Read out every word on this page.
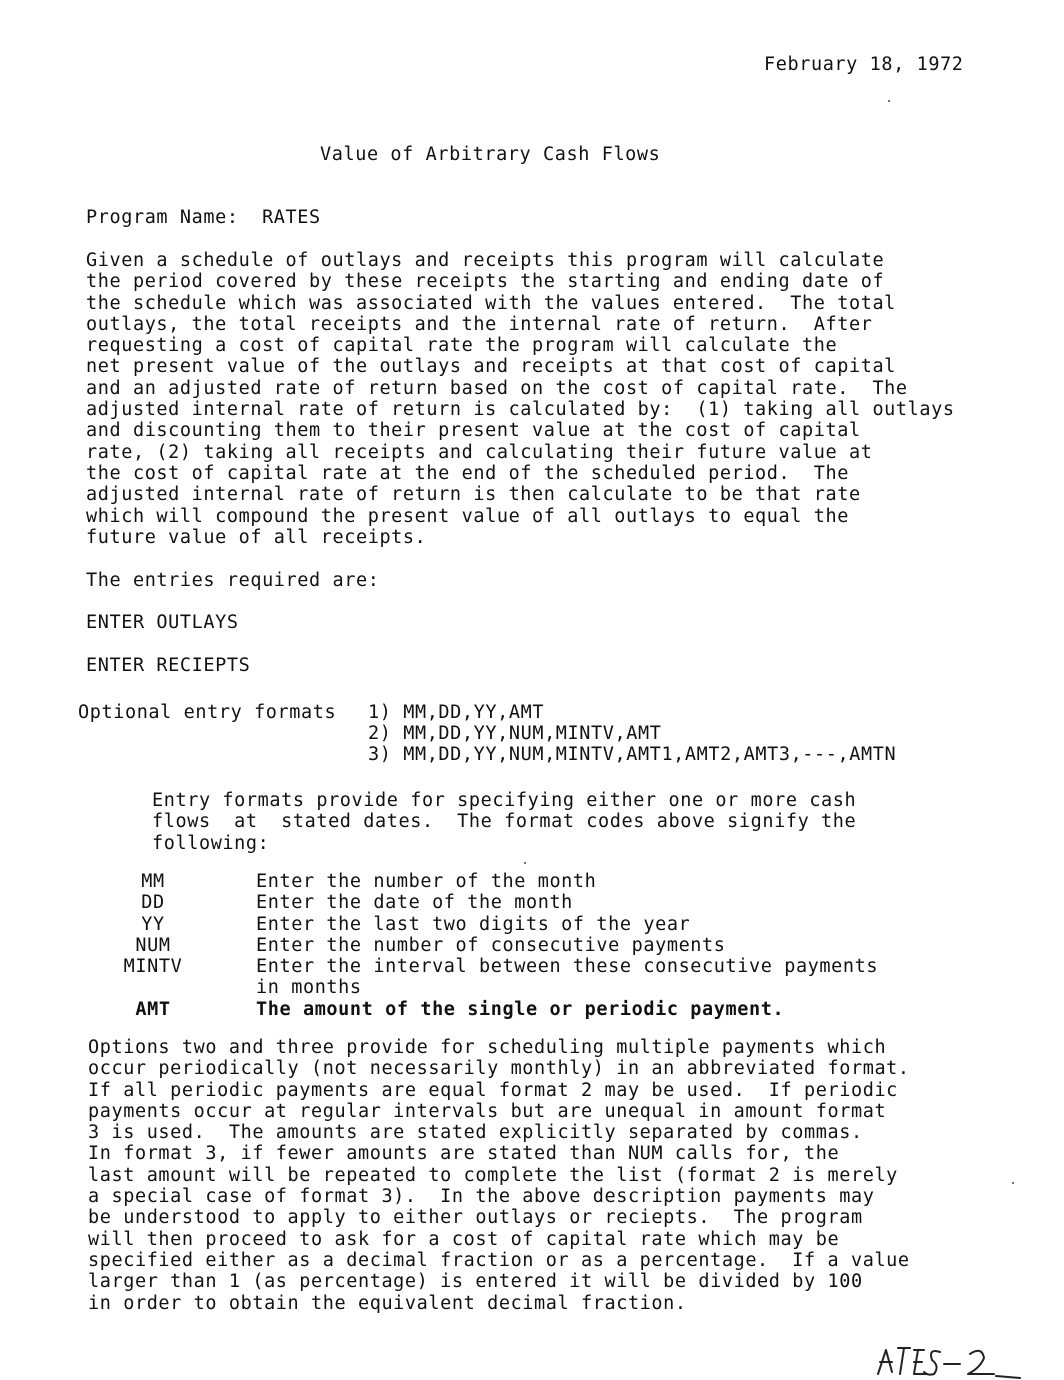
February 18, 1972
Value of Arbitrary Cash Flows
Program Name:  RATES
Given a schedule of outlays and receipts this program will calculate
the period covered by these receipts the starting and ending date of
the schedule which was associated with the values entered.  The total
outlays, the total receipts and the internal rate of return.  After
requesting a cost of capital rate the program will calculate the
net present value of the outlays and receipts at that cost of capital
and an adjusted rate of return based on the cost of capital rate.  The
adjusted internal rate of return is calculated by:  (1) taking all outlays
and discounting them to their present value at the cost of capital
rate, (2) taking all receipts and calculating their future value at
the cost of capital rate at the end of the scheduled period.  The
adjusted internal rate of return is then calculate to be that rate
which will compound the present value of all outlays to equal the
future value of all receipts.
The entries required are:
ENTER OUTLAYS
ENTER RECIEPTS
Optional entry formats 1) MM,DD,YY,AMT
2) MM,DD,YY,NUM,MINTV,AMT
3) MM,DD,YY,NUM,MINTV,AMT1,AMT2,AMT3,---,AMTN
Entry formats provide for specifying either one or more cash
flows  at  stated dates.  The format codes above signify the
following:
MM	Enter the number of the month
DD	Enter the date of the month
YY	Enter the last two digits of the year
NUM	Enter the number of consecutive payments
MINTV	Enter the interval between these consecutive payments
in months
AMT	The amount of the single or periodic payment.
Options two and three provide for scheduling multiple payments which
occur periodically (not necessarily monthly) in an abbreviated format.
If all periodic payments are equal format 2 may be used.  If periodic
payments occur at regular intervals but are unequal in amount format
3 is used.  The amounts are stated explicitly separated by commas.
In format 3, if fewer amounts are stated than NUM calls for, the
last amount will be repeated to complete the list (format 2 is merely
a special case of format 3).  In the above description payments may
be understood to apply to either outlays or reciepts.  The program
will then proceed to ask for a cost of capital rate which may be
specified either as a decimal fraction or as a percentage.  If a value
larger than 1 (as percentage) is entered it will be divided by 100
in order to obtain the equivalent decimal fraction.
